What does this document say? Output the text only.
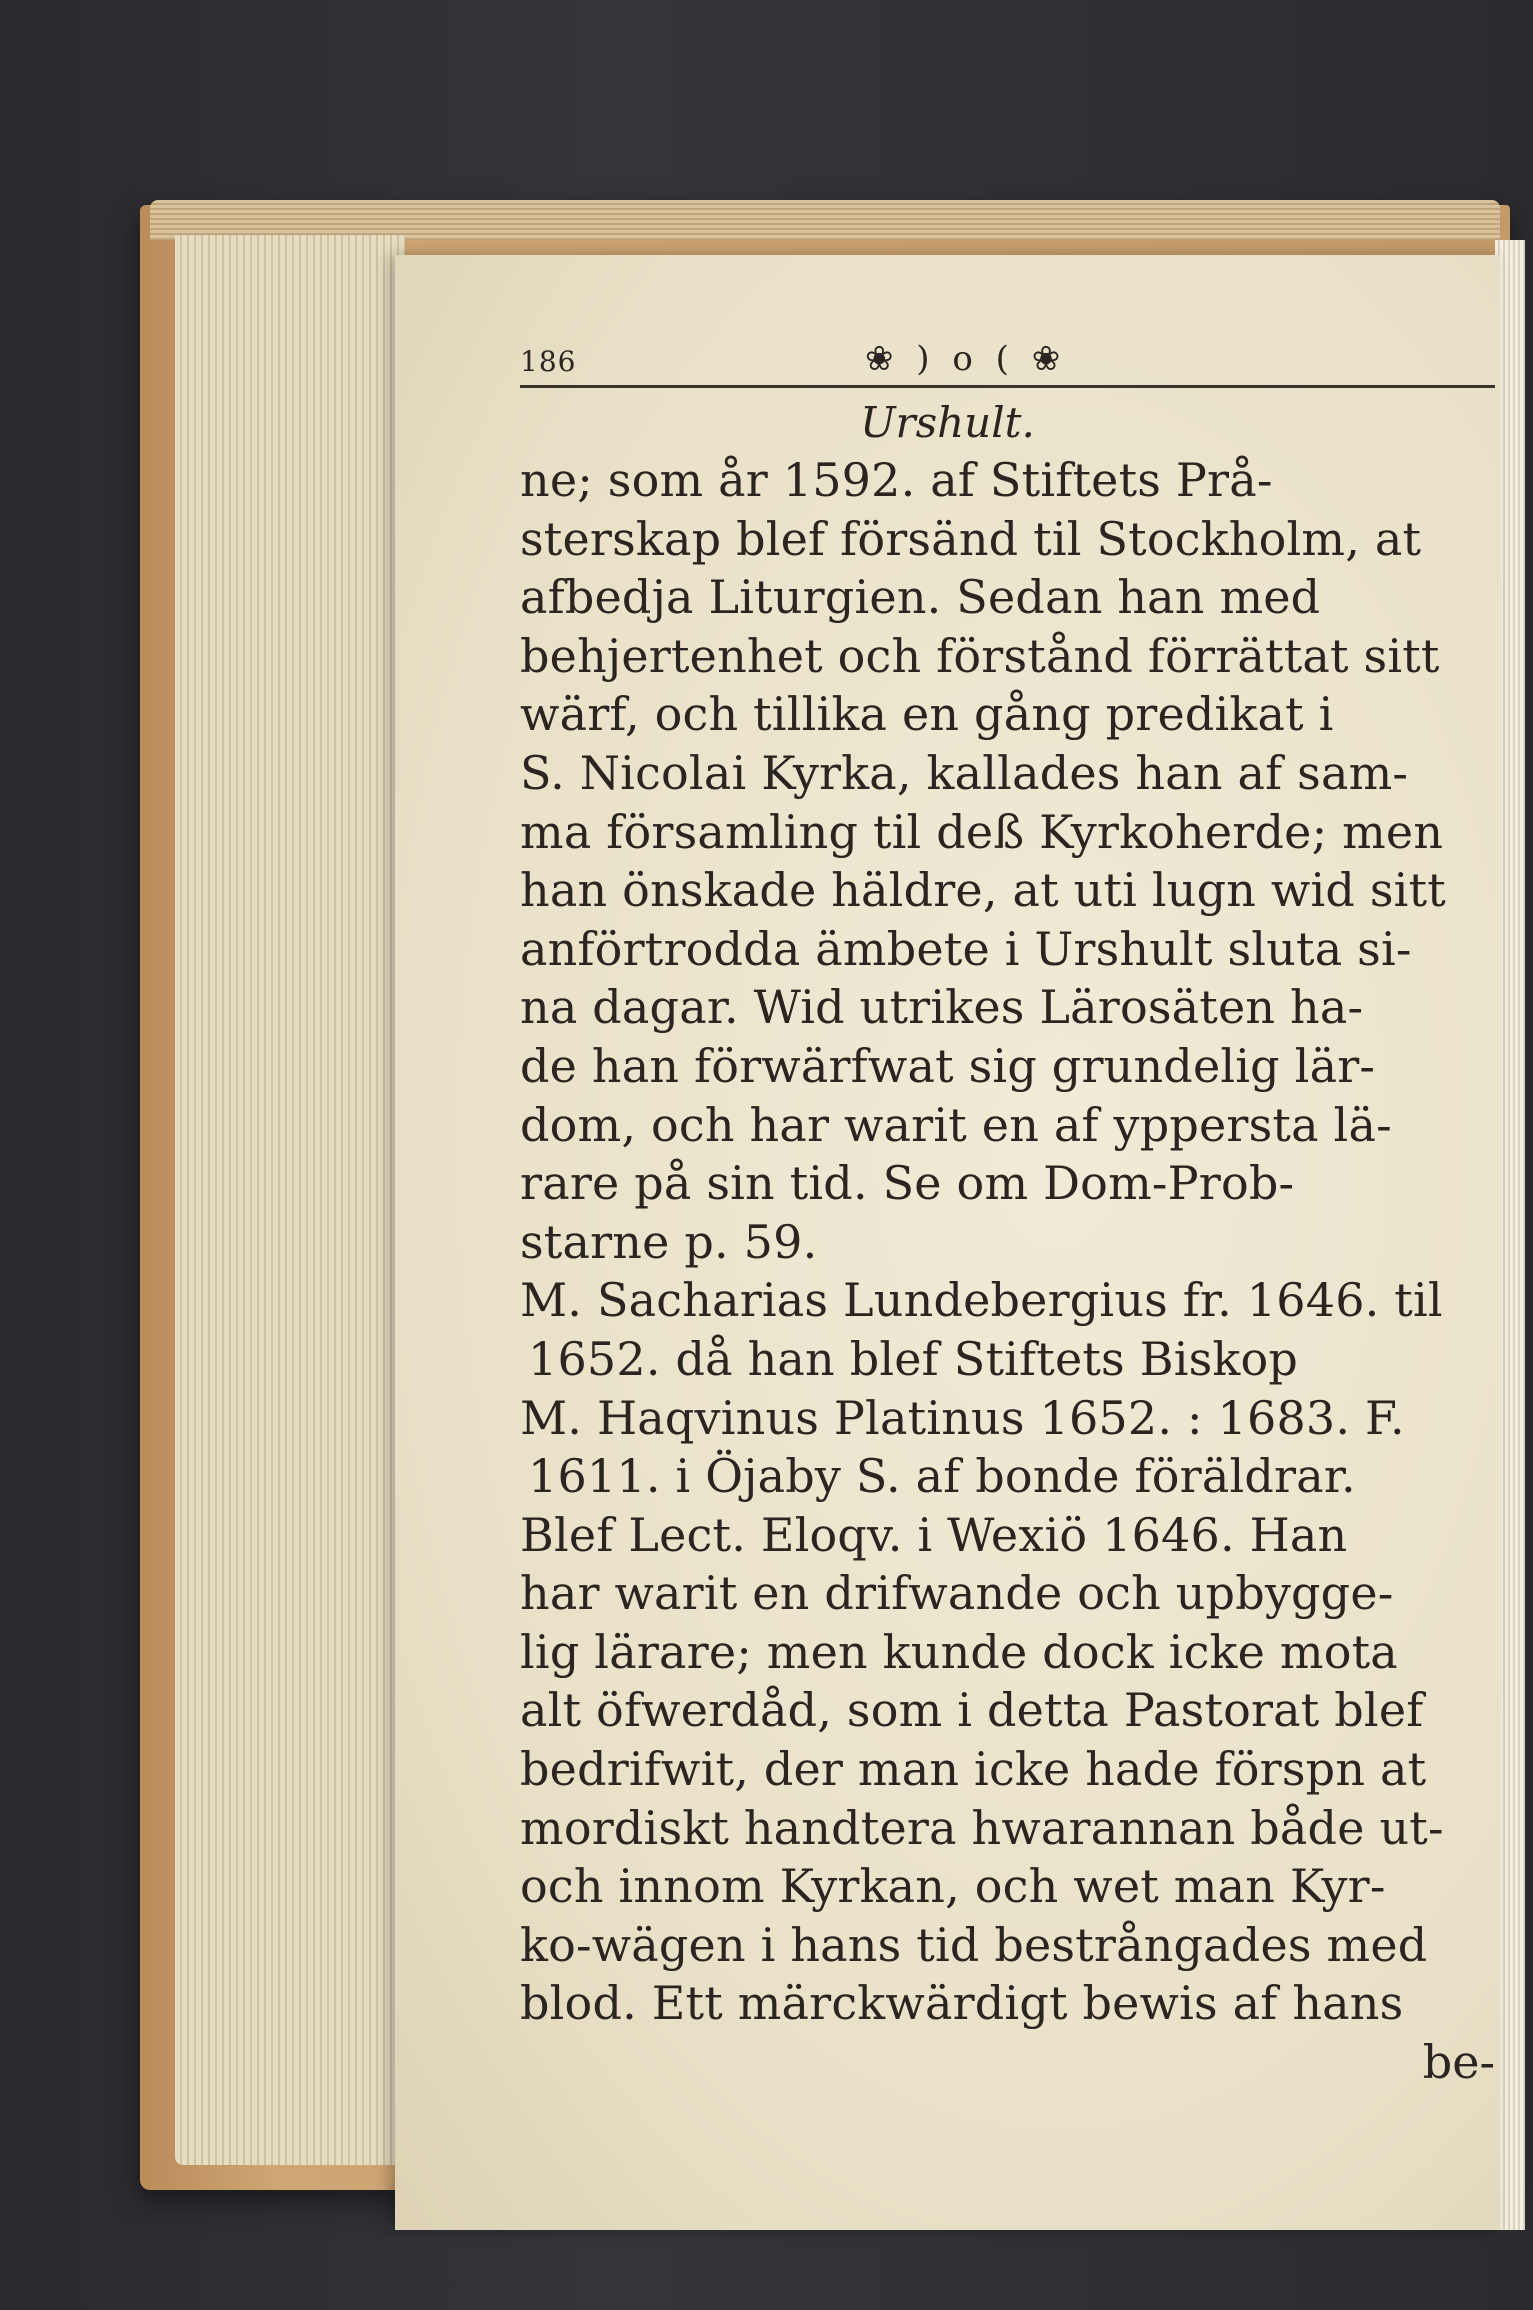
186	❀ ) o ( ❀
Urshult.
ne; som år 1592. af Stiftets Prå-
sterskap blef försänd til Stockholm, at
afbedja Liturgien. Sedan han med
behjertenhet och förstånd förrättat sitt
wärf, och tillika en gång predikat i
S. Nicolai Kyrka, kallades han af sam-
ma församling til deß Kyrkoherde; men
han önskade häldre, at uti lugn wid sitt
anförtrodda ämbete i Urshult sluta si-
na dagar. Wid utrikes Lärosäten ha-
de han förwärfwat sig grundelig lär-
dom, och har warit en af yppersta lä-
rare på sin tid. Se om Dom-Prob-
starne p. 59.
M. Sacharias Lundebergius fr. 1646. til
1652. då han blef Stiftets Biskop
M. Haqvinus Platinus 1652. : 1683. F.
1611. i Öjaby S. af bonde föräldrar.
Blef Lect. Eloqv. i Wexiö 1646. Han
har warit en drifwande och upbygge-
lig lärare; men kunde dock icke mota
alt öfwerdåd, som i detta Pastorat blef
bedrifwit, der man icke hade förspn at
mordiskt handtera hwarannan både ut-
och innom Kyrkan, och wet man Kyr-
ko-wägen i hans tid bestrångades med
blod. Ett märckwärdigt bewis af hans
be-
